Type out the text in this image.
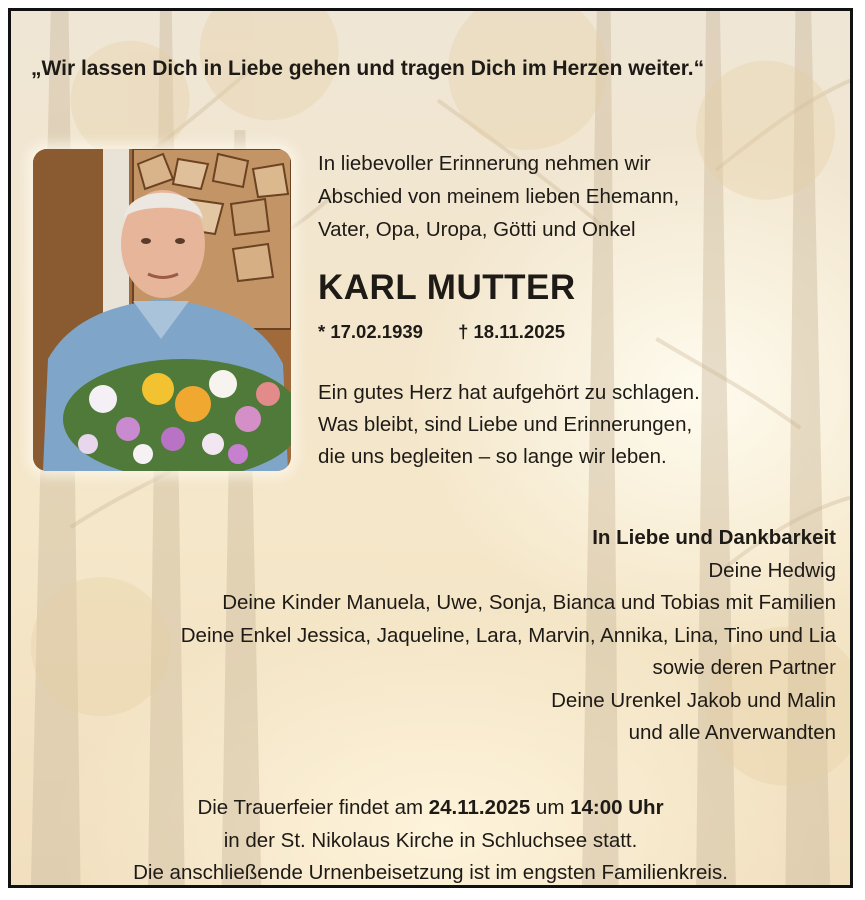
„Wir lassen Dich in Liebe gehen und tragen Dich im Herzen weiter.“

In liebevoller Erinnerung nehmen wir
Abschied von meinem lieben Ehemann,
Vater, Opa, Uropa, Götti und Onkel

KARL MUTTER
* 17.02.1939 † 18.11.2025

Ein gutes Herz hat aufgehört zu schlagen.
Was bleibt, sind Liebe und Erinnerungen,
die uns begleiten – so lange wir leben.

In Liebe und Dankbarkeit
Deine Hedwig
Deine Kinder Manuela, Uwe, Sonja, Bianca und Tobias mit Familien
Deine Enkel Jessica, Jaqueline, Lara, Marvin, Annika, Lina, Tino und Lia
sowie deren Partner
Deine Urenkel Jakob und Malin
und alle Anverwandten

Die Trauerfeier findet am 24.11.2025 um 14:00 Uhr
in der St. Nikolaus Kirche in Schluchsee statt.
Die anschließende Urnenbeisetzung ist im engsten Familienkreis.
